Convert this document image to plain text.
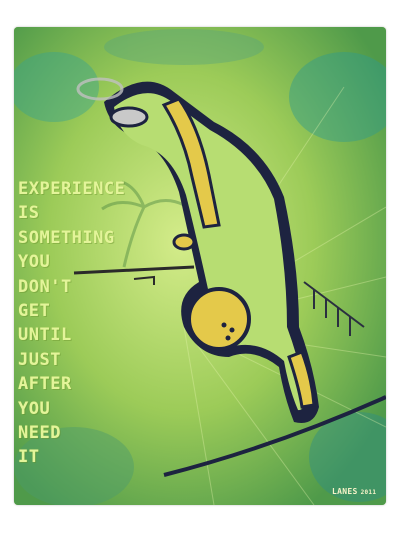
EXPERIENCE
IS
SOMETHING
YOU
DON'T
GET
UNTIL
JUST
AFTER
YOU
NEED
IT
LANES 2011
